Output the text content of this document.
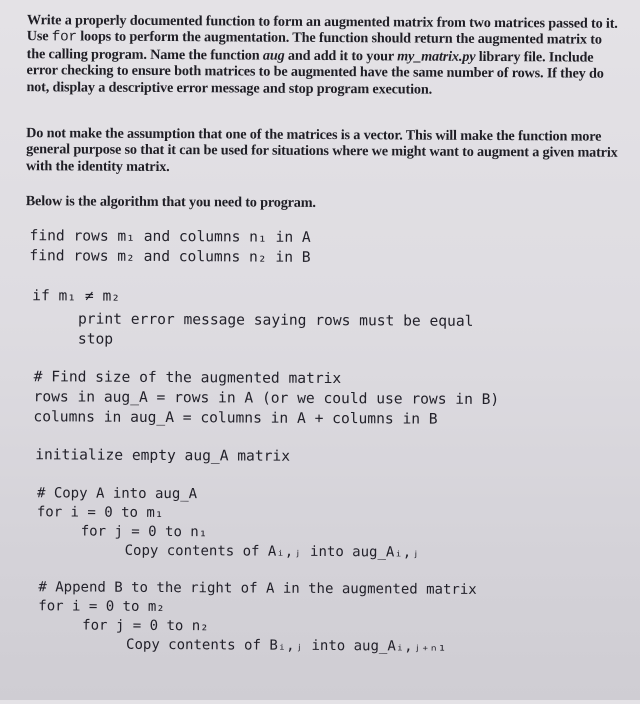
Write a properly documented function to form an augmented matrix from two matrices passed to it. Use for loops to perform the augmentation. The function should return the augmented matrix to the calling program. Name the function aug and add it to your my_matrix.py library file. Include error checking to ensure both matrices to be augmented have the same number of rows. If they do not, display a descriptive error message and stop program execution.
Do not make the assumption that one of the matrices is a vector. This will make the function more general purpose so that it can be used for situations where we might want to augment a given matrix with the identity matrix.
Below is the algorithm that you need to program.
find rows m₁ and columns n₁ in A
find rows m₂ and columns n₂ in B
if m₁ ≠ m₂
print error message saying rows must be equal
stop
# Find size of the augmented matrix
rows in aug_A = rows in A (or we could use rows in B)
columns in aug_A = columns in A + columns in B
initialize empty aug_A matrix
# Copy A into aug_A
for i = 0 to m₁
for j = 0 to n₁
Copy contents of Aᵢ,ⱼ into aug_Aᵢ,ⱼ
# Append B to the right of A in the augmented matrix
for i = 0 to m₂
for j = 0 to n₂
Copy contents of Bᵢ,ⱼ into aug_Aᵢ,ⱼ₊ₙ₁
